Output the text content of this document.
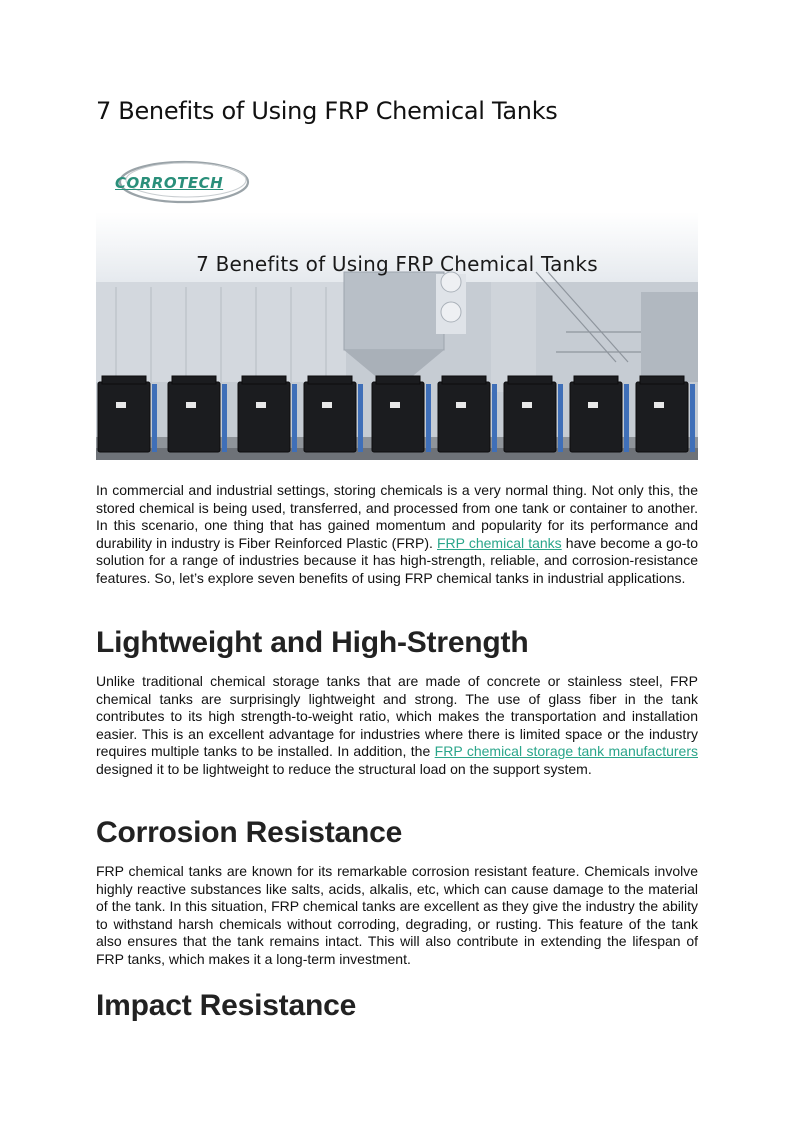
7 Benefits of Using FRP Chemical Tanks
CORROTECH
7 Benefits of Using FRP Chemical Tanks

In commercial and industrial settings, storing chemicals is a very normal thing. Not only this, the stored chemical is being used, transferred, and processed from one tank or container to another. In this scenario, one thing that has gained momentum and popularity for its performance and durability in industry is Fiber Reinforced Plastic (FRP). FRP chemical tanks have become a go-to solution for a range of industries because it has high-strength, reliable, and corrosion-resistance features. So, let’s explore seven benefits of using FRP chemical tanks in industrial applications.

Lightweight and High-Strength

Unlike traditional chemical storage tanks that are made of concrete or stainless steel, FRP chemical tanks are surprisingly lightweight and strong. The use of glass fiber in the tank contributes to its high strength-to-weight ratio, which makes the transportation and installation easier. This is an excellent advantage for industries where there is limited space or the industry requires multiple tanks to be installed. In addition, the FRP chemical storage tank manufacturers designed it to be lightweight to reduce the structural load on the support system.

Corrosion Resistance

FRP chemical tanks are known for its remarkable corrosion resistant feature. Chemicals involve highly reactive substances like salts, acids, alkalis, etc, which can cause damage to the material of the tank. In this situation, FRP chemical tanks are excellent as they give the industry the ability to withstand harsh chemicals without corroding, degrading, or rusting. This feature of the tank also ensures that the tank remains intact. This will also contribute in extending the lifespan of FRP tanks, which makes it a long-term investment.

Impact Resistance
